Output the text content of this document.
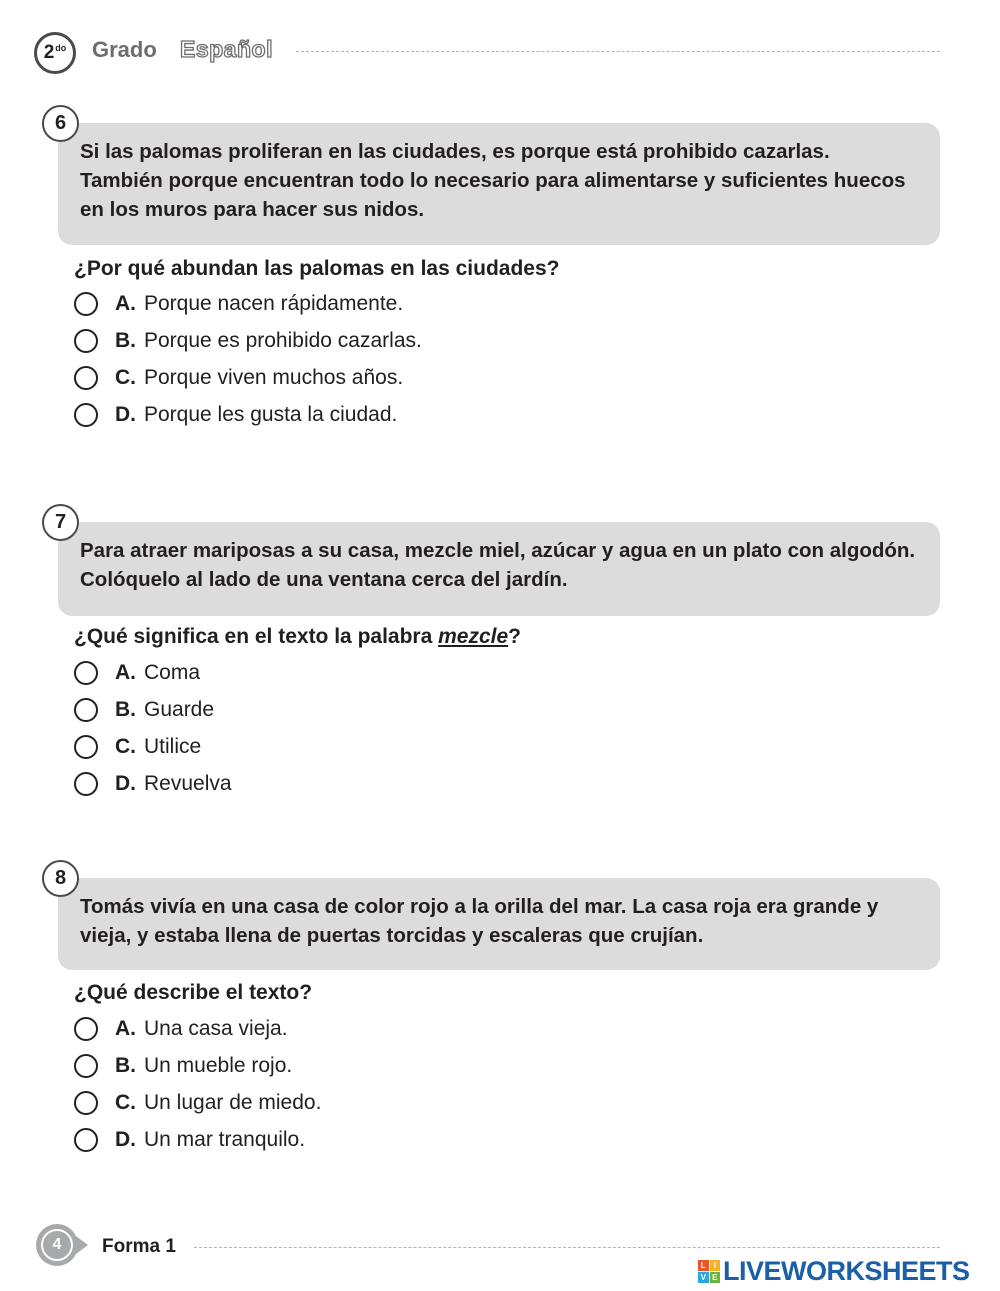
$2^{do}$ Grado Español
6
Si las palomas proliferan en las ciudades, es porque está prohibido cazarlas. También porque encuentran todo lo necesario para alimentarse y suficientes huecos en los muros para hacer sus nidos.
¿Por qué abundan las palomas en las ciudades?
A. Porque nacen rápidamente.
B. Porque es prohibido cazarlas.
C. Porque viven muchos años.
D. Porque les gusta la ciudad.
7
Para atraer mariposas a su casa, mezcle miel, azúcar y agua en un plato con algodón. Colóquelo al lado de una ventana cerca del jardín.
¿Qué significa en el texto la palabra mezcle?
A. Coma
B. Guarde
C. Utilice
D. Revuelva
8
Tomás vivía en una casa de color rojo a la orilla del mar. La casa roja era grande y vieja, y estaba llena de puertas torcidas y escaleras que crujían.
¿Qué describe el texto?
A. Una casa vieja.
B. Un mueble rojo.
C. Un lugar de miedo.
D. Un mar tranquilo.
4	Forma 1
L I
V E LIVEWORKSHEETS
